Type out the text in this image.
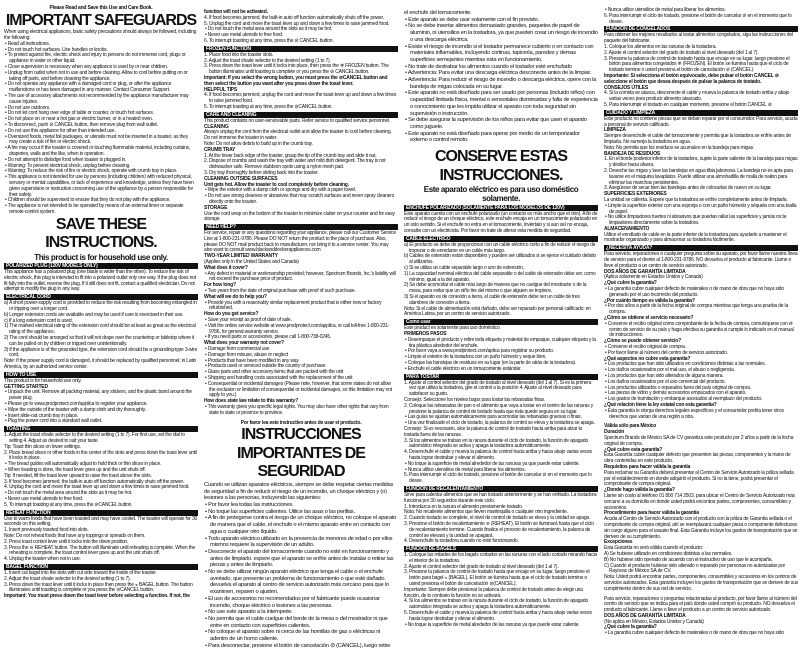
Please Read and Save this Use and Care Book.
IMPORTANT SAFEGUARDS
When using electrical appliances, basic safety precautions should always be followed, including the following:
• Read all instructions.
• Do not touch hot surfaces. Use handles or knobs.
• To protect against fire, electric shock and injury to persons do not immerse cord, plugs or appliance in water or other liquid.
• Close supervision is necessary when any appliance is used by or near children.
• Unplug from outlet when not in use and before cleaning. Allow to cool before putting on or taking off parts, and before cleaning the appliance.
• Do not operate any appliance with a damaged cord or plug, or after the appliance malfunctions or has been damaged in any manner. Contact Consumer Support.
• The use of accessory attachments not recommended by the appliance manufacturer may cause injuries.
• Do not use outdoors.
• Do not let cord hang over edge of table or counter, or touch hot surfaces.
• Do not place on or near a hot gas or electric burner, or in a heated oven.
• To disconnect, push ⊘ CANCEL button, then remove plug from wall outlet.
• Do not use this appliance for other than intended use.
• Oversized foods, metal foil packages, or utensils must not be inserted in a toaster, as they may create a risk of fire or electric shock.
• A fire may occur if the toaster is covered or touching flammable material, including curtains, draperies, walls and the like, when in operation.
• Do not attempt to dislodge food when toaster is plugged in.
• Warning: To prevent electrical shock, unplug before cleaning.
• Warning: To reduce the risk of fire or electric shock, operate with crumb tray in place.
• This appliance is not intended for use by persons (including children) with reduced physical, sensory or mental capabilities, or lack of experience and knowledge, unless they have been given supervision or instruction concerning use of the appliance by a person responsible for their safety.
• Children should be supervised to ensure that they do not play with the appliance.
• The appliance is not intended to be operated by means of an external timer or separate remote-control system.
SAVE THESE INSTRUCTIONS.
This product is for household use only.
POLARIZED PLUG (120V MODELS ONLY)
This appliance has a polarized plug (one blade is wider than the other). To reduce the risk of electric shock, this plug is intended to fit into a polarized outlet only one way. If the plug does not fit fully into the outlet, reverse the plug. If it still does not fit, contact a qualified electrician. Do not attempt to modify the plug in any way.
ELECTRICAL CORD
a) A short power-supply cord is provided to reduce the risk resulting from becoming entangled in or tripping over a longer cord.
b) Longer extension cords are available and may be used if care is exercised in their use.
c) If a long extension cord is used,
1) The marked electrical rating of the extension cord should be at least as great as the electrical rating of the appliance,
2) The cord should be arranged so that it will not drape over the countertop or tabletop where it can be pulled on by children or tripped over unintentionally.
3) If the appliance is of the grounded type, the extension cord should be a grounding-type 3-wire cord.
Note: If the power supply cord is damaged, it should be replaced by qualified personnel; in Latin America, by an authorized service center.
HOW TO USE
This product is for household use only.
GETTING STARTED
• Unpack the unit. Remove all packing material, any stickers, and the plastic band around the power plug.
• Please go to www.prodprotect.com/applica to register your appliance.
• Wipe the outside of the toaster with a damp cloth and dry thoroughly.
• Insert slide-out crumb tray in place.
• Plug the power cord into a standard wall outlet.
TOASTING
1. Adjust the toast shade selector to the desired setting (1 to 7). For first use, set the dial to setting 4. Adjust as desired to suit your taste.
Tip: Toast thin slices on lower settings.
2. Place bread slices or other foods in the center of the slots and press down the toast lever until it locks in place.
• The bread guides will automatically adjust to hold thick or thin slices in place.
• When toasting is done, the toast lever goes up and the unit shuts off.
Tip: If needed, lift the toast lever upward to raise the toast above the slots.
3. If food becomes jammed, the built-in auto off function automatically shuts off the power.
4. Unplug the cord and move the toast lever up and down a few times to raise jammed food.
• Do not touch the metal area around the slots as it may be hot.
• Never use metal utensils to free food.
5. To interrupt toasting at any time, press the ⊘CANCEL button.
REHEAT FUNCTION
Use to warm foods that have been toasted and may have cooled. The toaster will operate for 30 seconds on this setting.
1. Insert previously toasted food into slots.
Note: Do not reheat foods that have any toppings or spreads on them.
2. Press toast control lever until it locks into the down position.
3. Press the ≋ REHEAT button. The button will illuminate until reheating is complete. When the reheating is complete, the toast control lever goes up and the unit shuts off.
4. Unplug the toaster when not in use.
BAGEL FUNCTION
1. Insert cut bagel into the slots with cut side toward the inside of the toaster.
2. Adjust the toast shade selector to the desired setting (1 to 7).
3. Press down the toast lever until it locks in place then press the ◒ BAGEL button. The button illuminates until toasting is complete or you press the ⊘CANCEL button.
Important: You must press down the toast lever before selecting a function. If not, the
function will not be activated.
4. If food becomes jammed, the built-in auto off function automatically shuts off the power.
5. Unplug the cord and move the toast lever up and down a few times to raise jammed food.
• Do not touch the metal area around the slots as it may be hot.
• Never use metal utensils to free food.
6. To interrupt toasting at any time, press the ⊘ CANCEL button.
FROZEN FUNCTION
1. Place food into the toaster slots.
2. Adjust the toast shade selector to the desired setting (1 to 7).
3. Press down the toast lever until it locks into place, then press the ❄ FROZEN button. The button illuminates until toasting is complete or you press the ⊘ CANCEL button.
Important: If you select the wrong button, you must press the ⊘CANCEL button and then select the button you want after you press down the toast lever.
HELPFUL TIPS
4. If food becomes jammed, unplug the cord and move the toast lever up and down a few times to raise jammed food.
5. To interrupt toasting at any time, press the ⊘CANCEL button.
CARE AND CLEANING
This product contains no user-serviceable parts. Refer service to qualified service personnel.
CLEANING
Always unplug the cord from the electrical outlet and allow the toaster to cool before cleaning. Do not immerse the toaster in water.
Note: Do not allow debris to build up in the crumb tray.
CRUMB TRAY
1. At the lower back edge of the toaster, grasp the tip of the crumb tray and slide it out.
2. Dispose of crumbs and wash the tray with water and mild dish detergent. The tray is not dishwasher safe. Remove stubborn spots using a nylon mesh pad.
3. Dry tray thoroughly before sliding back into the toaster.
CLEANING OUTSIDE SURFACES
Unit gets hot. Allow the toaster to cool completely before cleaning.
• Wipe the exterior with a damp cloth or sponge and dry with a paper towel.
• Do not use strong cleaners or abrasives that may scratch surfaces and never spray cleaners directly onto the toaster.
STORAGE
Use the cord wrap on the bottom of the toaster to minimize clutter on your counter and for easy storage.
NEED HELP?
For service, repair or any questions regarding your appliance, please call our Customer Service Line at 1-800-231-9786. Please DO NOT return the product to the place of purchase. Also, please DO NOT mail product back to manufacturer, nor bring it to a service center. You may also want to consult www.blackanddeckerappliances.com
TWO-YEAR LIMITED WARRANTY
(Applies only in the United States and Canada)
What does it cover?
• Any defect in material or workmanship provided; however, Spectrum Brands, Inc.'s liability will not exceed the purchase price of product.
For how long?
• Two years from the date of original purchase with proof of such purchase.
What will we do to help you?
• Provide you with a reasonably similar replacement product that is either new or factory refurbished.
How do you get service?
• Save your receipt as proof of date of sale.
• Visit the online service website at www.prodprotect.com/applica, or call toll-free 1-800-231-9786, for general warranty service.
• If you need parts or accessories, please call 1-800-738-0245.
What does your warranty not cover?
• Damage from commercial use
• Damage from misuse, abuse or neglect
• Products that have been modified in any way
• Products used or serviced outside the country of purchase
• Glass parts and other accessory items that are packed with the unit
• Shipping and handling costs associated with the replacement of the unit
• Consequential or incidental damages (Please note, however, that some states do not allow the exclusion or limitation of consequential or incidental damages, so this limitation may not apply to you.)
How does state law relate to this warranty?
• This warranty gives you specific legal rights. You may also have other rights that vary from state to state or province to province.
Por favor lea este instructivo antes de usar el producto.
INSTRUCCIONES IMPORTANTES DE SEGURIDAD
Cuando se utilizan aparatos eléctricos, siempre se debe respetar ciertas medidas de seguridad a fin de reducir el riesgo de un incendio, un choque eléctrico y (o) lesiones a las personas, incluyendo las siguientes:
• Por favor lea todas las instrucciones.
• No toque las superficies calientes. Utilice las asas o las perillas.
• A fin de protegerse contra el riesgo de un choque eléctrico, no coloque el aparato de manera que el cable, el enchufe o el mismo aparato entre en contacto con agua o cualquier otro líquido.
• Todo aparato eléctrico utilizado en la presencia de menores de edad o por ellos mismos requiere la supervisión de un adulto.
• Desconecte el aparato del tomacorriente cuando no esté en funcionamiento y antes de limpiarlo. espere que el aparato se enfríe antes de instalar o retirar las piezas y antes de limpiarlo.
• No se debe utilizar ningún aparato eléctrico que tenga el cable o el enchufe averiado, que presente un problema de funcionamiento o que esté dañado. devuelva el aparato al centro de servicio autorizado más cercano para que lo examinen, reparen o ajusten.
• El uso de accesorios no recomendados por el fabricante puede ocasionar incendio, choque eléctrico o lesiones a las personas.
• No use este aparato a la intemperie.
• No permita que el cable cuelgue del borde de la mesa o del mostrador ni que entre en contacto con superficies calientes.
• No coloque el aparato sobre ni cerca de las hornillas de gas o eléctricas ni adentro de un horno caliente.
• Para desconectar, presione el botón de cancelación ⊘ (CANCEL), luego retire
el enchufe del tomacorriente.
• Este aparato se debe usar solamente con el fin previsto.
• No se debe insertar alimentos demasiado grandes, paquetes de papel de aluminio, ni utensilios en la tostadora, ya que pueden crear un riesgo de incendio o una descarga eléctrica.
• Existe el riesgo de incendio si el tostador permanece cubierto o en contacto con materiales inflamables, incluyendo cortinas, tapicería, paredes y demas superficies semejantes mientras esta en funcionamiento.
• No trate de destrabar los alimentos cuando el tostador esté enchufado
• Advertencia: Para evitar una descarga eléctrica desconecte antes de la limpiar.
• Advertencia: Para reducir el riesgo de incendio o descarga eléctrica, opere con la bandeja de migas colocada en su lugar.
• Este aparato no está diseñado para ser usado por personas (incluido niños) con capacidad limitada física, mental o sensoriales disminuidas y falta de experiencia o conocimiento que les impida utilizar el aparato con toda seguridad sin supervisión o instrucción.
• Se debe asegurar la supervisión de los niños para evitar que usen el aparato como juguete.
• Este aparato no está diseñado para operar por medio de un temporizador externo o control remoto.
CONSERVE ESTAS INSTRUCCIONES.
Este aparato eléctrico es para uso doméstico solamente.
ENCHUFE POLARIZADO (SOLAMENTE PARA LOS MODELOS DE 120V)
Este aparato cuenta con un enchufe polarizado (un contacto es más ancho que el otro). A fin de reducir el riesgo de un choque eléctrico, este enchufe encaja en un tomacorriente polarizado en un solo sentido. Si el enchufe no entra en el tomacorriente, inviértalo y si aun así no encaja, consulte con un electricista. Por favor no trate de alterar esta medida de seguridad.
CABLE ELÉCTRICO
a) El producto se debe de proporcionar con un cable eléctrico corto a fin de reducir el riesgo de tropezar o de enredarse en un cable más largo.
b) Cables de extensión están disponibles y pueden ser utilizados si se ejerce el cuidado debido al utilizarlos.
c) Si se utiliza un cable separable largo o uno de extensión,
1) La capacidad nominal eléctrica del cable separable o del cable de extensión debe ser, como mínimo, igual a la del aparato,
2) Se debe acomodar el cable más largo de manera que no cuelgue del mostrador o de la mesa, para evitar que un niño tire del mismo o que alguien se tropiece.
3) Si el aparato es de conexión a tierra, el cable de extensión debe ser un cable de tres alambres de conexión a tierra.
Nota: Si el cable de alimentación está dañado, debe ser reparado por personal calificado; en América Latina, por un centro de servicio autorizado.
Como usar
Este product es solamente para uso doméstico.
PRIMEROS PASOS
• Desempaque el producto y retire toda etiqueta y material de empaque, cualquier etiqueta y la tira plástica alrededor del enchufe.
• Por favor vaya a www.prodprotect.com/aplica para registrar su producto.
• Limpie el exterior de la tostadora con un paño húmedo y seque bien.
• Coloque las bandejas de residuos en su lugar (en la parte de atrás de la tostadora).
• Enchufe el cable eléctrico en un tomacorriente estándar.
PARA TOSTAR
1. Ajuste el control selector del grado de tostado al nivel deseado (del 1 al 7). Si es la primera vez que utiliza la tostadora, gire el control a la posición 4. Ajuste al nivel deseado para satisfacer su gusto.
Consejo: Seleccione los niveles bajos para tostar las rebanadas finas.
2. Coloque las rebanadas de pan o el alimento que vaya a tostar en el centro de las ranuras y presione la palanca de control de tostado hasta que ésta quede segura en su lugar.
• Las guías se ajustan automáticamente para acomodar las rebanadas gruesas o finas.
• Una vez finalizado el ciclo de tostado, la palanca de control se eleva y la tostadora se apaga.
Consejo: Si es necesario, alce la palanca de control de tostado hacia arriba para alzar la tostada fuera de las ranuras.
3. Si los alimentos se traban en la ranura durante el ciclo de tostado, la función de apagado automático integrada se activa y apaga la tostadora automáticamente.
4. Desenchufe el cable y mueva la palanca de control hacia arriba y hacia abajo varias veces hasta lograr destrabar y elevar el alimento.
• No toque la superficie de metal alrededor de las ranuras ya que puede estar caliente.
• Nunca utilice utensilios de metal para liberar los alimentos.
5. Para interrumpir el ciclo de tostado, presione el botón de cancelar ⊘ en el momento que lo desee.
FUNCIÓN DE RECALENTAMIENTO
Sirve para calentar alimentos que se han tostado anteriormente y se han enfriado. La tostadora funciona por 30 segundos durante este ciclo.
1. Introduzca en la ranura el alimento previamente tostado.
Nota: No recaliente alimentos que lleven mantequilla o cualquier otro ingrediente.
2. Cuando tostado se complete, el nivel de control de tostado se eleva y la unidad se apaga.
3. Presione el botón de recalentamiento ≋ (REHEAT). El botón se iluminará hasta que el ciclo de recalentamiento termine. Cuando finalice el proceso de recalentamiento, la palanca de control se elevará y la unidad se apagará.
4. Desenchufe la tostadora cuando no esté funcionando.
FUNCIÓN DE BAGELS
1. Coloque las mitades de los bagels cortados en las ranuras con el lado cortado mirando hacia el interior de la tostadora.
2. Ajuste el control selector del grado de tostado al nivel deseado (del 1 al 7).
3. Presione la palanca de control de tostado hasta que encaje en su lugar, luego presione el botón para bagel ◒ (BAGEL). El botón se ilumina hasta que el ciclo de tostado termine o usted presiona el botón de cancelación ⊘(CANCEL).
Importante: Siempre debe presionar la palanca de control de tostado antes de elegir una función, de lo contrario la función no se activará.
4. Si los alimentos se traban en la ranura durante el ciclo de tostado, la función de apagado automático integrada se activa y apaga la tostadora automáticamente.
5. Desenchufe el cable y mueva la palanca de control hacia arriba y hacia abajo varias veces hasta lograr destrabar y elevar el alimento.
• No toque la superficie de metal alrededor de las ranuras ya que puede estar caliente.
• Nunca utilice utensilios de metal para liberar los alimentos.
6. Para interrumpir el ciclo de tostado, presione el botón de cancelar ⊘ en el momento que lo desee.
FUNCIÓN DE CONGELADOS
Para obtener los mejores resultados al tostar alimentos congelados, siga las instrucciones del paquete del fabricante.
1. Coloque los alimentos en las ranuras de la tostadora.
2. Ajuste el control selector del grado de tostado al nivel deseado (del 1 al 7).
3. Presione la palanca de control de tostado hasta que encaje en su lugar, luego presione el botón para alimentos congelados ❄ (FROZEN). El botón se ilumina hasta que el ciclo de tostado termine o usted presiona el botón de cancelación ⊘ (CANCEL).
Importante: Si selecciona el botón equivocado, debe pulsar el botón CANCEL ⊘ seleccione el botón que desea después de pulsar la palanca de tostado.
CONSEJOS ÚTILES
4. Si la comida se atasca, desconecte el cable y mueva la palanca de tostado arriba y abajo varias veces para producir alimento atascado.
5. Para interrumpir el tostado en cualquier momento, presione el botón CANCEL ⊘
CUIDADO Y LIMPIEZA
Este producto no contiene piezas que se deban reparar por el consumidor. Para servicio, acuda a personal de servicio calificado.
LIMPIEZA
Siempre desenchufe el cable del tomacorriente y permita que la tostadora se enfríe antes de limpiarla. No sumerja la tostadora en agua.
Nota: No permita que los residuos se acumulen en la bandeja para migas.
BANDEJA DE RESIDUOS
1. En el borde posterior inferior de la tostadora, sujete la parte saliente de la bandeja para migas y deslice hacia afuera.
2. Deseche las migas y lave las bandejas en agua tibia jabonosa. La bandeja no es apta para lavarse en el máquina lavaplatos. Puede utilizar una almohadilla de malla de nailon para eliminar las manchas persistentes.
3. Asegúrese de secar bien las bandejas antes de colocarlas de nuevo en su lugar.
SUPERFICIES EXTERIORES
La unidad se calienta. Espere que la tostadora se enfríe completamente antes de limpiarla.
• Limpie la superficie exterior con una esponja o con un paño húmedo y séquela con una toalla de papel.
• No utilice limpiadores fuertes ni abrasivos que puedan rallar las superficies y jamás rocíe limpiadores directamente sobre la tostadora.
ALMACENAMIENTO
Utilice el enrollado de cable en la parte inferior de la tostadora para ayudarle a mantener el mostrador organizado y para almacenar su tostadora fácilmente.
¿NECESITA AYUDA?
Para servicio, reparaciones o cualquier pregunta sobre su aparato, por favor llame nuestra línea de servicio para el cliente al 1-800-231-9786. NO devuelva el producto al fabricante. Llame o lleve el producto a un centro de servicio autorizado.
DOS AÑOS DE GARANTÍA LIMITADA
(Aplica solamente en Estados Unidos y Canadá)
¿Qué cubre la garantía?
• La garantía cubre cualquier defecto de materiales o de mano de obra que no haya sido generado por el uso incorrecto del producto.
¿Por cuánto tiempo es válida la garantía?
• Por dos años a partir de la fecha original de compra mientras que tenga una prueba de la compra.
¿Cómo se obtiene el servicio necesario?
• Conserve el recibo original como comprobante de la fecha de compra, comuníquese con el centro de servicio de su país y haga efectiva su garantía si cumple lo indicado en el manual de instrucciones.
¿Cómo se puede obtener servicio?
• Conserve el recibo original de compra.
• Por favor llame al número del centro de servicio autorizado.
¿Qué aspectos no cubre esta garantía?
• Los productos que han sido utilizados en condiciones distintas a las normales.
• Los daños ocasionados por el mal uso, el abuso o negligencia.
• Los productos que han sido alterados de alguna manera.
• Los daños ocasionados por el uso comercial del producto.
• Los productos utilizados o reparados fuera del país original de compra.
• Las piezas de vidrio y demás accesorios empacados con el aparato.
• Los gastos de tramitación y embarque asociados al reemplazo del producto.
¿Qué relación tiene la ley estatal con esta garantía?
• Ésta garantía le otorga derechos legales específicos y el consumidor podría tener otros derechos que varían de una región a otra.
Válida sólo para México
Duración
Spectrum Brands de México SA de CV garantiza este producto por 2 años a partir de la fecha original de compra.
¿Qué cubre esta garantía?
Esta Garantía cubre cualquier defecto que presenten las piezas, componentes y la mano de obra contenidas en este producto.
Requisitos para hacer válida la garantía
Para reclamar su Garantía deberá presentar al Centro de Servicio Autorizado la póliza sellada por el establecimiento en donde adquirió el producto. Si no la tiene, podrá presentar el comprobante de compra original.
¿Donde hago válida la garantía?
Llame sin costo al teléfono 01 800 714 2503, para ubicar el Centro de Servicio Autorizado más cercano a su domicilio en donde usted podrá encontrar partes, componentes, consumibles y accesorios.
Procedimiento para hacer válida la garantía
Acuda al Centro de Servicio Autorizado con el producto con la póliza de Garantía sellada o el comprobante de compra original, ahí se reemplazará cualquier pieza o componente defectuoso sin cargo alguno para el usuario final. Esta Garantía incluye los gastos de transportación que se deriven de su cumplimiento.
Excepciones
Esta Garantía no será válida cuando el producto:
A) Se hubiese utilizado en condiciones distintas a las normales.
B) No hubiese sido operado de acuerdo con el instructivo de uso que le acompaña.
C) Cuando el producto hubiese sido alterado o reparado por personas no autorizadas por Rayovac de México SA de CV.
Nota: Usted podrá encontrar partes, componentes, consumibles y accesorios en los centros de servicios autorizados. Esta garantía incluyen los gastos de transportación que se deriven de sus cumplimiento dentro de sus red de servicio.
Para servicio, reparaciones o preguntas relacionadas al producto, por favor llame al número del centro de servicio que se indica para el país donde usted compró su producto. NO devuelva el producto al fabricante. Llame o lleve el producto a un centro de servicio autorizado.
DOS AÑOS DE GARANTÍA LIMITADA
(No aplica en México, Estados Unidos y Canadá)
¿Qué cubre la garantía?
• La garantía cubre cualquier defecto de materiales o de mano de obra que no haya sido
